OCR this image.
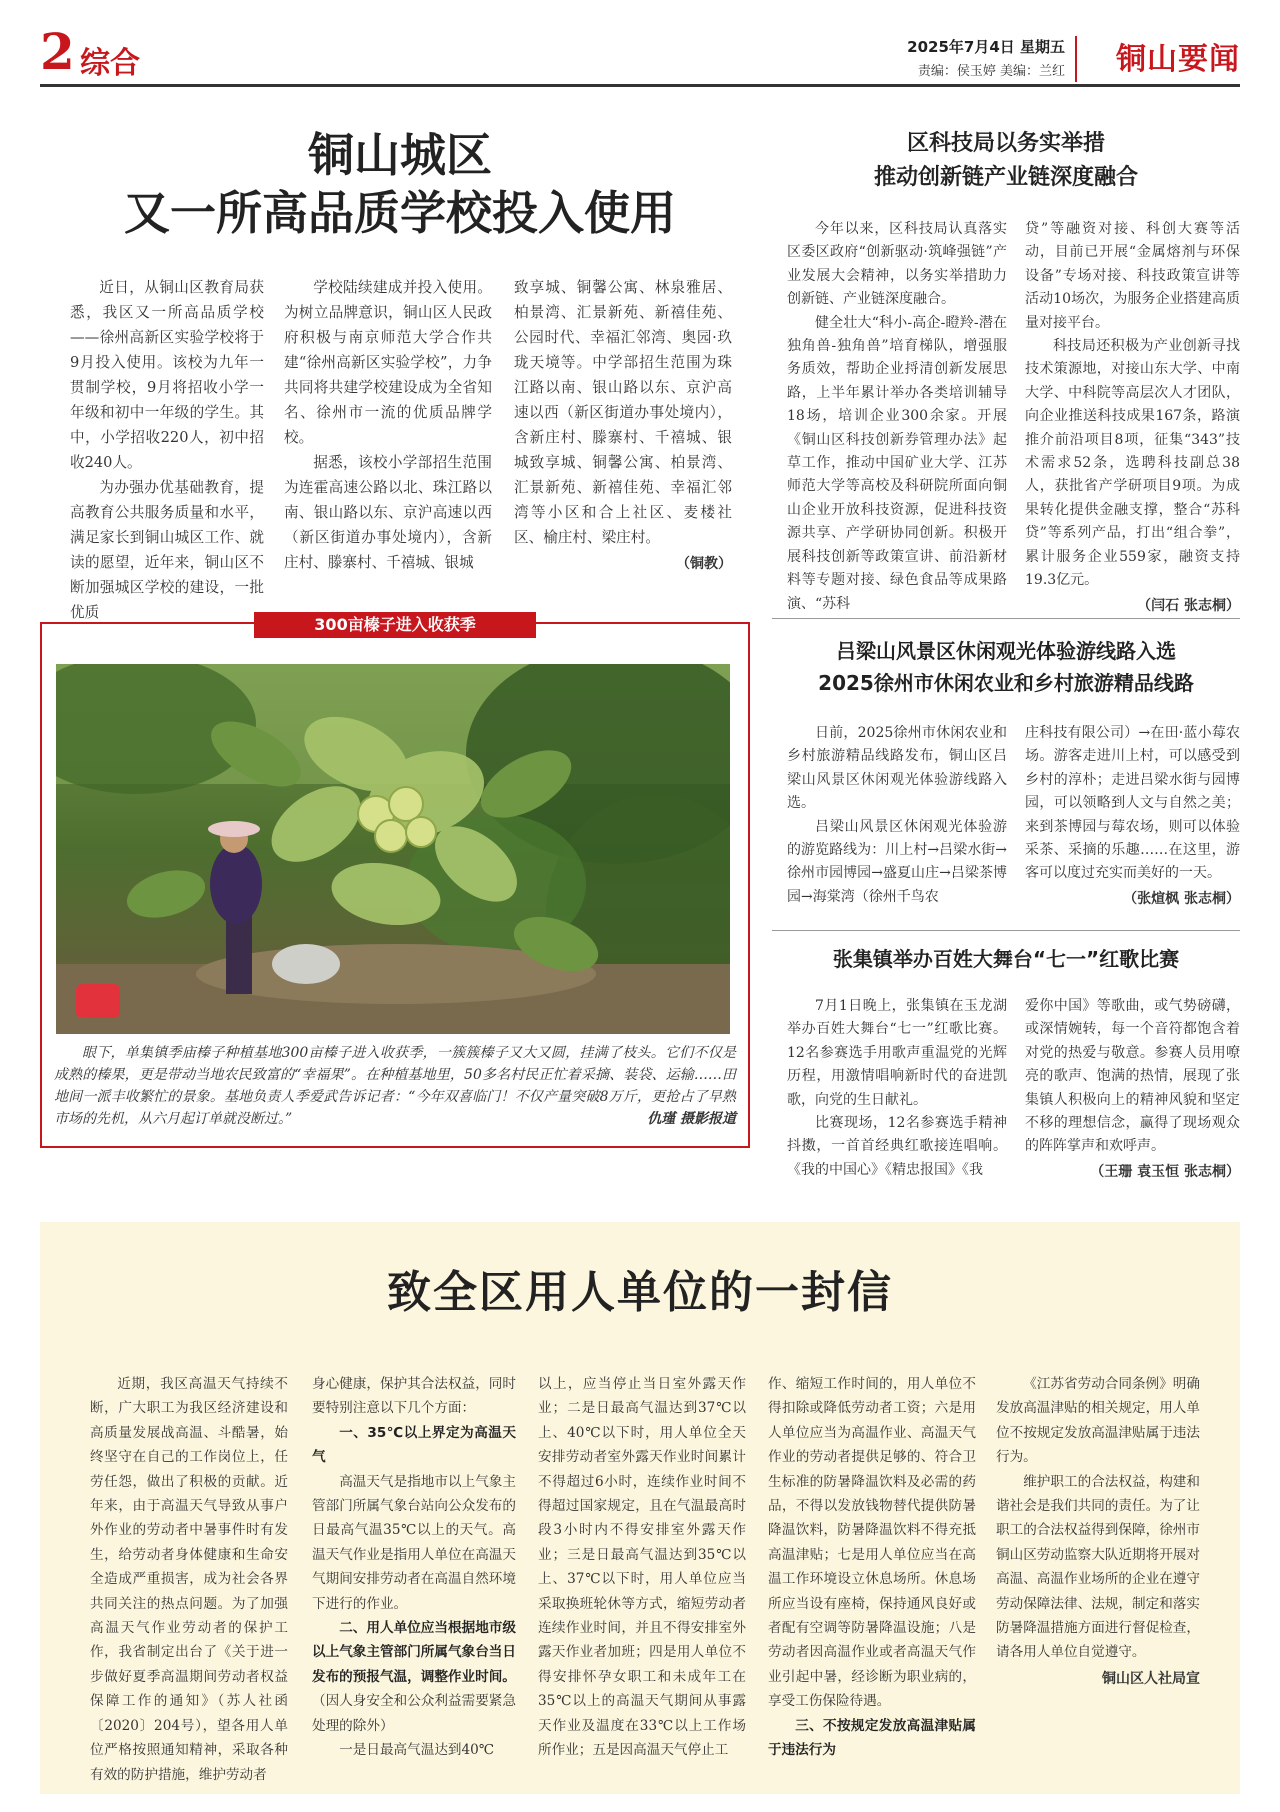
2 综合	2025年7月4日 星期五
责编：侯玉婷 美编：兰红 铜山要闻
铜山城区
又一所高品质学校投入使用

近日，从铜山区教育局获悉，我区又一所高品质学校——徐州高新区实验学校将于9月投入使用。该校为九年一贯制学校，9月将招收小学一年级和初中一年级的学生。其中，小学招收220人，初中招收240人。

为办强办优基础教育，提高教育公共服务质量和水平，满足家长到铜山城区工作、就读的愿望，近年来，铜山区不断加强城区学校的建设，一批优质

学校陆续建成并投入使用。为树立品牌意识，铜山区人民政府积极与南京师范大学合作共建“徐州高新区实验学校”，力争共同将共建学校建设成为全省知名、徐州市一流的优质品牌学校。

据悉，该校小学部招生范围为连霍高速公路以北、珠江路以南、银山路以东、京沪高速以西（新区街道办事处境内），含新庄村、滕寨村、千禧城、银城

致享城、铜馨公寓、林泉雅居、柏景湾、汇景新苑、新禧佳苑、公园时代、幸福汇邻湾、奥园·玖珑天境等。中学部招生范围为珠江路以南、银山路以东、京沪高速以西（新区街道办事处境内），含新庄村、滕寨村、千禧城、银城致享城、铜馨公寓、柏景湾、汇景新苑、新禧佳苑、幸福汇邻湾等小区和合上社区、麦楼社区、榆庄村、梁庄村。

（铜教）
300亩榛子进入收获季

眼下，单集镇季庙榛子种植基地300亩榛子进入收获季，一簇簇榛子又大又圆，挂满了枝头。它们不仅是成熟的榛果，更是带动当地农民致富的“幸福果”。在种植基地里，50多名村民正忙着采摘、装袋、运输……田地间一派丰收繁忙的景象。基地负责人季爱武告诉记者：“今年双喜临门！不仅产量突破8万斤，更抢占了早熟市场的先机，从六月起订单就没断过。”	仇瑾 摄影报道
区科技局以务实举措
推动创新链产业链深度融合

今年以来，区科技局认真落实区委区政府“创新驱动·筑峰强链”产业发展大会精神，以务实举措助力创新链、产业链深度融合。

健全壮大“科小-高企-瞪羚-潜在独角兽-独角兽”培育梯队，增强服务质效，帮助企业捋清创新发展思路，上半年累计举办各类培训辅导18场，培训企业300余家。开展《铜山区科技创新券管理办法》起草工作，推动中国矿业大学、江苏师范大学等高校及科研院所面向铜山企业开放科技资源，促进科技资源共享、产学研协同创新。积极开展科技创新等政策宣讲、前沿新材料等专题对接、绿色食品等成果路演、“苏科

贷”等融资对接、科创大赛等活动，目前已开展“金属熔剂与环保设备”专场对接、科技政策宣讲等活动10场次，为服务企业搭建高质量对接平台。

科技局还积极为产业创新寻找技术策源地，对接山东大学、中南大学、中科院等高层次人才团队，向企业推送科技成果167条，路演推介前沿项目8项，征集“343”技术需求52条，选聘科技副总38人，获批省产学研项目9项。为成果转化提供金融支撑，整合“苏科贷”等系列产品，打出“组合拳”，累计服务企业559家，融资支持19.3亿元。

（闫石 张志桐）
吕梁山风景区休闲观光体验游线路入选
2025徐州市休闲农业和乡村旅游精品线路

日前，2025徐州市休闲农业和乡村旅游精品线路发布，铜山区吕梁山风景区休闲观光体验游线路入选。

吕梁山风景区休闲观光体验游的游览路线为：川上村→吕梁水街→徐州市园博园→盛夏山庄→吕梁茶博园→海棠湾（徐州千鸟农

庄科技有限公司）→在田·蓝小莓农场。游客走进川上村，可以感受到乡村的淳朴；走进吕梁水街与园博园，可以领略到人文与自然之美；来到茶博园与莓农场，则可以体验采茶、采摘的乐趣……在这里，游客可以度过充实而美好的一天。

（张煊枫 张志桐）
张集镇举办百姓大舞台“七一”红歌比赛

7月1日晚上，张集镇在玉龙湖举办百姓大舞台“七一”红歌比赛。12名参赛选手用歌声重温党的光辉历程，用激情唱响新时代的奋进凯歌，向党的生日献礼。

比赛现场，12名参赛选手精神抖擞，一首首经典红歌接连唱响。《我的中国心》《精忠报国》《我

爱你中国》等歌曲，或气势磅礴，或深情婉转，每一个音符都饱含着对党的热爱与敬意。参赛人员用嘹亮的歌声、饱满的热情，展现了张集镇人积极向上的精神风貌和坚定不移的理想信念，赢得了现场观众的阵阵掌声和欢呼声。

（王珊 袁玉恒 张志桐）
致全区用人单位的一封信

近期，我区高温天气持续不断，广大职工为我区经济建设和高质量发展战高温、斗酷暑，始终坚守在自己的工作岗位上，任劳任怨，做出了积极的贡献。近年来，由于高温天气导致从事户外作业的劳动者中暑事件时有发生，给劳动者身体健康和生命安全造成严重损害，成为社会各界共同关注的热点问题。为了加强高温天气作业劳动者的保护工作，我省制定出台了《关于进一步做好夏季高温期间劳动者权益保障工作的通知》（苏人社函〔2020〕204号），望各用人单位严格按照通知精神，采取各种有效的防护措施，维护劳动者

身心健康，保护其合法权益，同时要特别注意以下几个方面：

一、35℃以上界定为高温天气

高温天气是指地市以上气象主管部门所属气象台站向公众发布的日最高气温35℃以上的天气。高温天气作业是指用人单位在高温天气期间安排劳动者在高温自然环境下进行的作业。

二、用人单位应当根据地市级以上气象主管部门所属气象台当日发布的预报气温，调整作业时间。

（因人身安全和公众利益需要紧急处理的除外）

一是日最高气温达到40℃

以上，应当停止当日室外露天作业；二是日最高气温达到37℃以上、40℃以下时，用人单位全天安排劳动者室外露天作业时间累计不得超过6小时，连续作业时间不得超过国家规定，且在气温最高时段3小时内不得安排室外露天作业；三是日最高气温达到35℃以上、37℃以下时，用人单位应当采取换班轮休等方式，缩短劳动者连续作业时间，并且不得安排室外露天作业者加班；四是用人单位不得安排怀孕女职工和未成年工在35℃以上的高温天气期间从事露天作业及温度在33℃以上工作场所作业；五是因高温天气停止工

作、缩短工作时间的，用人单位不得扣除或降低劳动者工资；六是用人单位应当为高温作业、高温天气作业的劳动者提供足够的、符合卫生标准的防暑降温饮料及必需的药品，不得以发放钱物替代提供防暑降温饮料，防暑降温饮料不得充抵高温津贴；七是用人单位应当在高温工作环境设立休息场所。休息场所应当设有座椅，保持通风良好或者配有空调等防暑降温设施；八是劳动者因高温作业或者高温天气作业引起中暑，经诊断为职业病的，享受工伤保险待遇。

三、不按规定发放高温津贴属于违法行为

《江苏省劳动合同条例》明确发放高温津贴的相关规定，用人单位不按规定发放高温津贴属于违法行为。

维护职工的合法权益，构建和谐社会是我们共同的责任。为了让职工的合法权益得到保障，徐州市铜山区劳动监察大队近期将开展对高温、高温作业场所的企业在遵守劳动保障法律、法规，制定和落实防暑降温措施方面进行督促检查，请各用人单位自觉遵守。

铜山区人社局宣
